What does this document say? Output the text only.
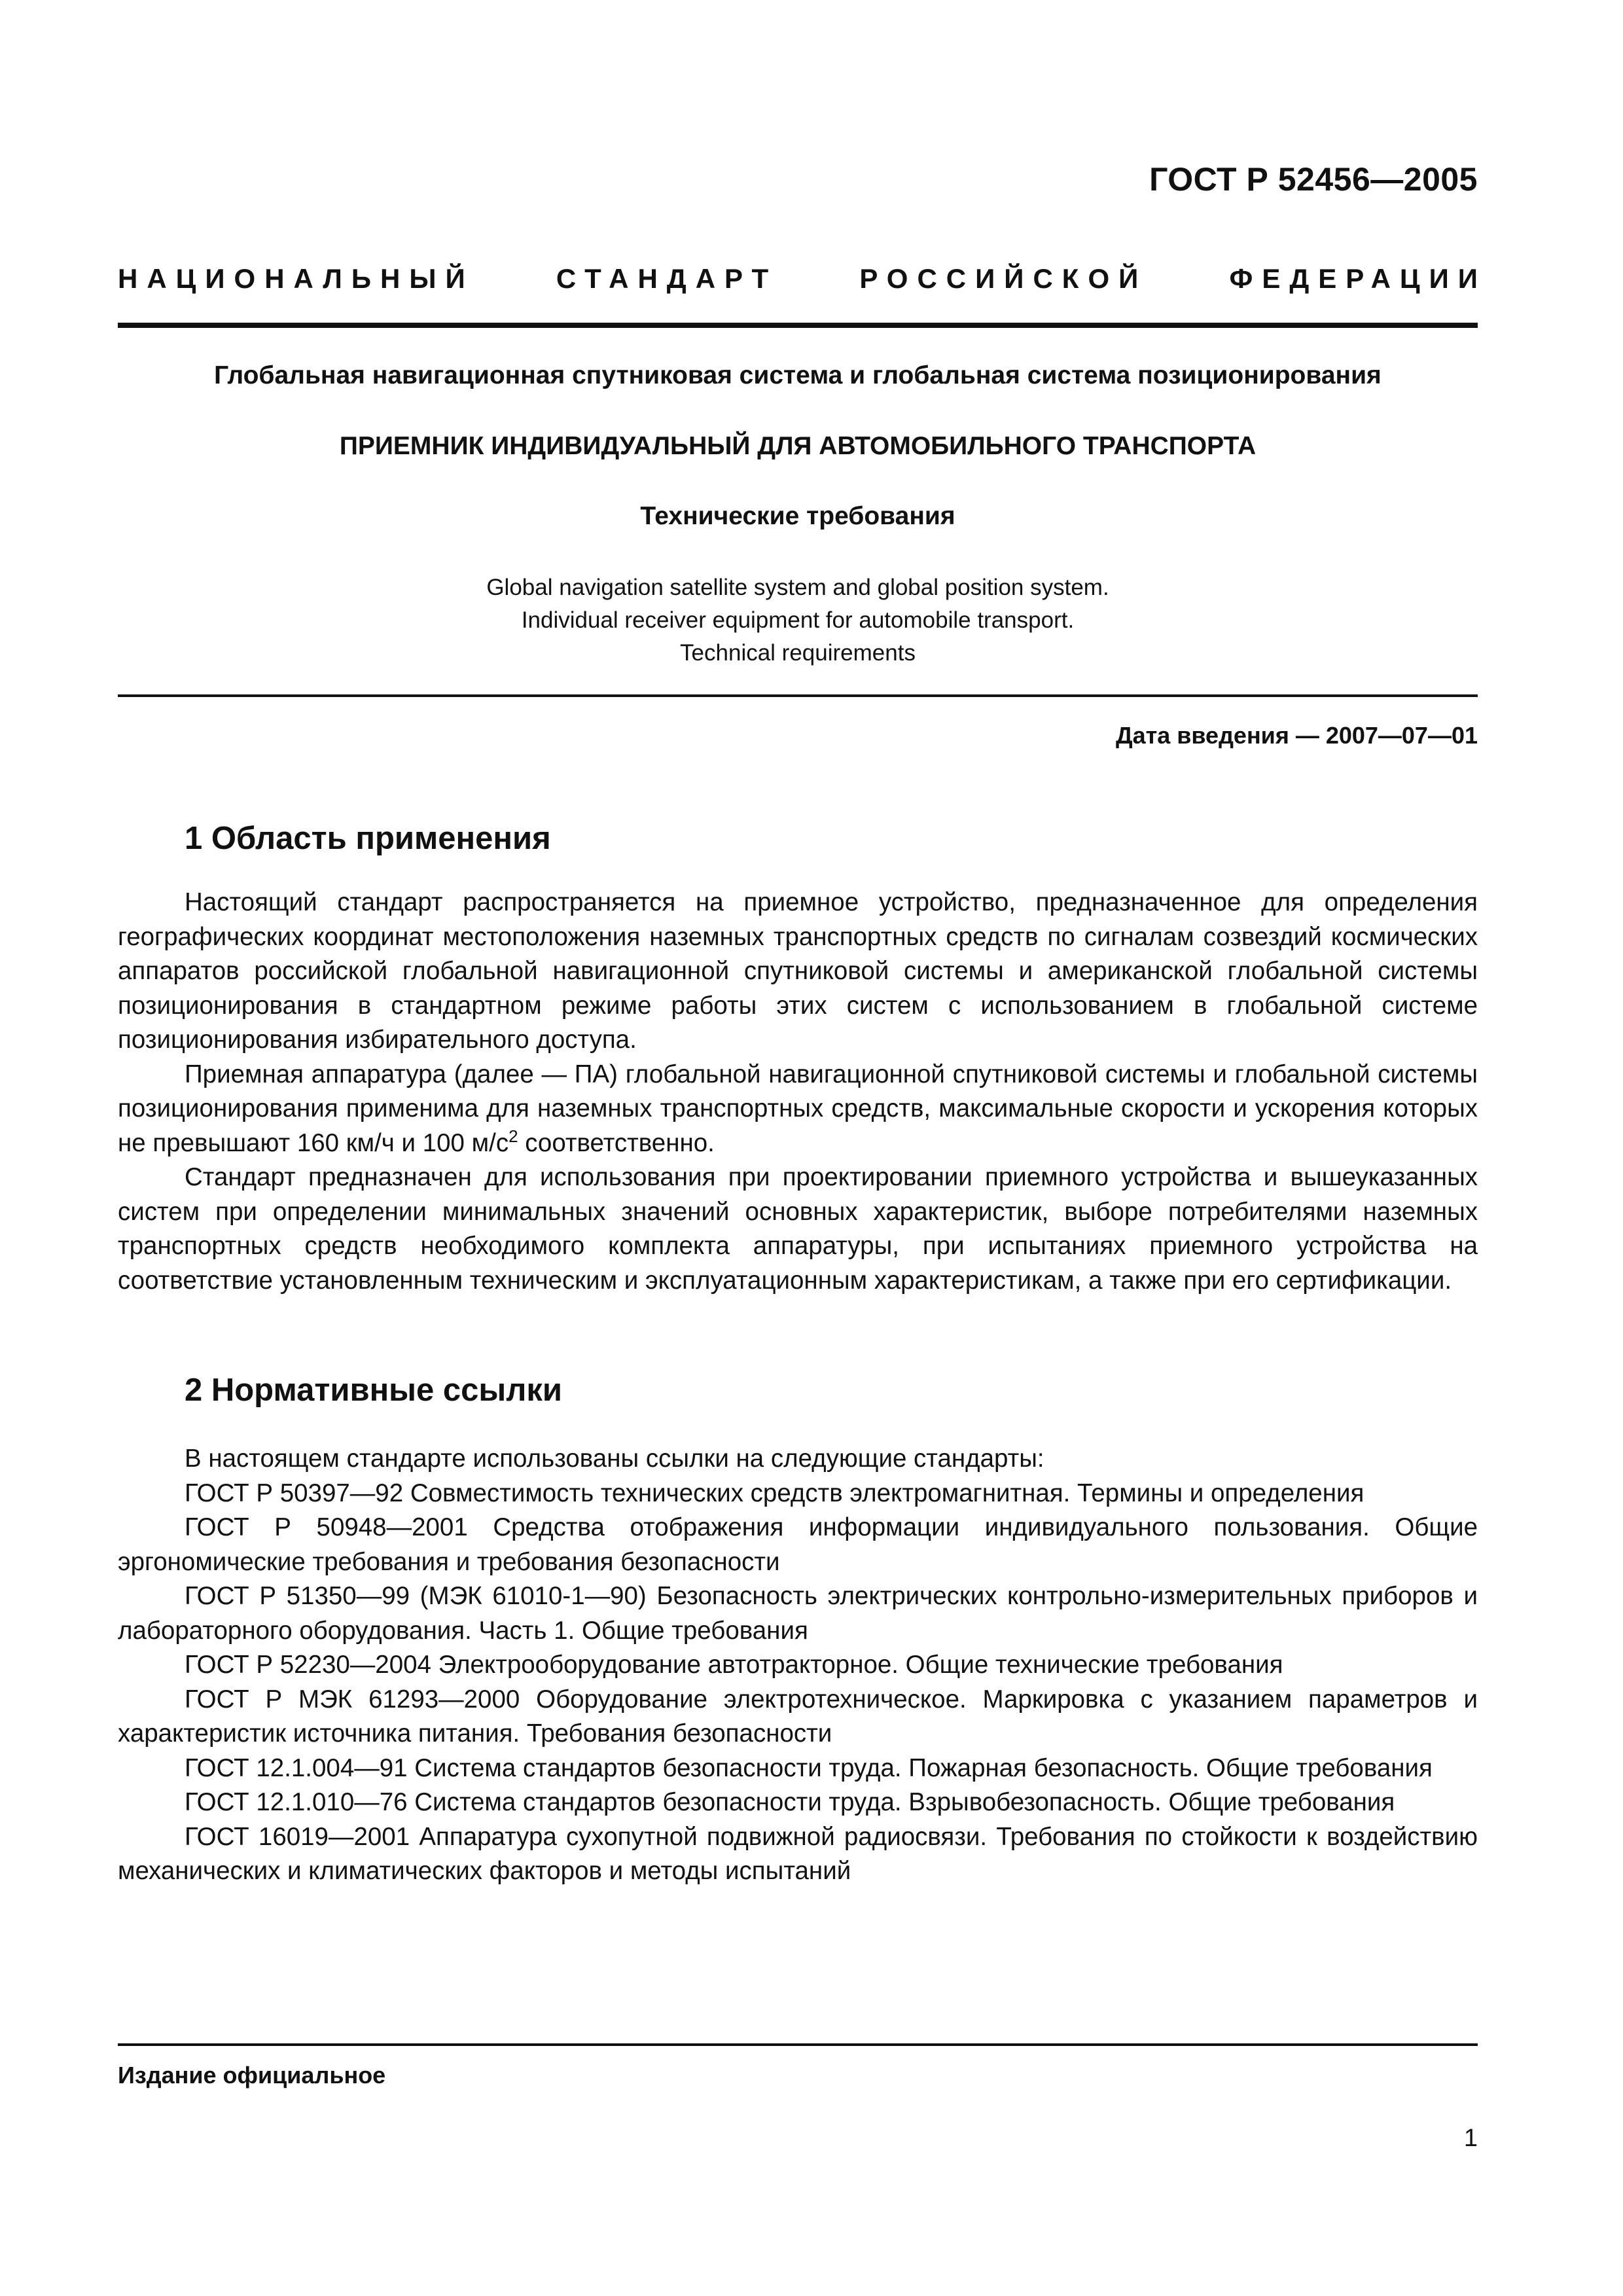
ГОСТ Р 52456—2005
НАЦИОНАЛЬНЫЙ	СТАНДАРТ	РОССИЙСКОЙ	ФЕДЕРАЦИИ
Глобальная навигационная спутниковая система и глобальная система позиционирования
ПРИЕМНИК ИНДИВИДУАЛЬНЫЙ ДЛЯ АВТОМОБИЛЬНОГО ТРАНСПОРТА
Технические требования
Global navigation satellite system and global position system.
Individual receiver equipment for automobile transport.
Technical requirements

Дата введения — 2007—07—01

1 Область применения

Настоящий стандарт распространяется на приемное устройство, предназначенное для определения географических координат местоположения наземных транспортных средств по сигналам созвездий космических аппаратов российской глобальной навигационной спутниковой системы и американской глобальной системы позиционирования в стандартном режиме работы этих систем с использованием в глобальной системе позиционирования избирательного доступа.

Приемная аппаратура (далее — ПА) глобальной навигационной спутниковой системы и глобальной системы позиционирования применима для наземных транспортных средств, максимальные скорости и ускорения которых не превышают 160 км/ч и 100 $м/с^2$ соответственно.

Стандарт предназначен для использования при проектировании приемного устройства и вышеуказанных систем при определении минимальных значений основных характеристик, выборе потребителями наземных транспортных средств необходимого комплекта аппаратуры, при испытаниях приемного устройства на соответствие установленным техническим и эксплуатационным характеристикам, а также при его сертификации.

2 Нормативные ссылки

В настоящем стандарте использованы ссылки на следующие стандарты:

ГОСТ Р 50397—92 Совместимость технических средств электромагнитная. Термины и определения

ГОСТ Р 50948—2001 Средства отображения информации индивидуального пользования. Общие эргономические требования и требования безопасности

ГОСТ Р 51350—99 (МЭК 61010-1—90) Безопасность электрических контрольно-измерительных приборов и лабораторного оборудования. Часть 1. Общие требования

ГОСТ Р 52230—2004 Электрооборудование автотракторное. Общие технические требования

ГОСТ Р МЭК 61293—2000 Оборудование электротехническое. Маркировка с указанием параметров и характеристик источника питания. Требования безопасности

ГОСТ 12.1.004—91 Система стандартов безопасности труда. Пожарная безопасность. Общие требования

ГОСТ 12.1.010—76 Система стандартов безопасности труда. Взрывобезопасность. Общие требования

ГОСТ 16019—2001 Аппаратура сухопутной подвижной радиосвязи. Требования по стойкости к воздействию механических и климатических факторов и методы испытаний

Издание официальное

1
